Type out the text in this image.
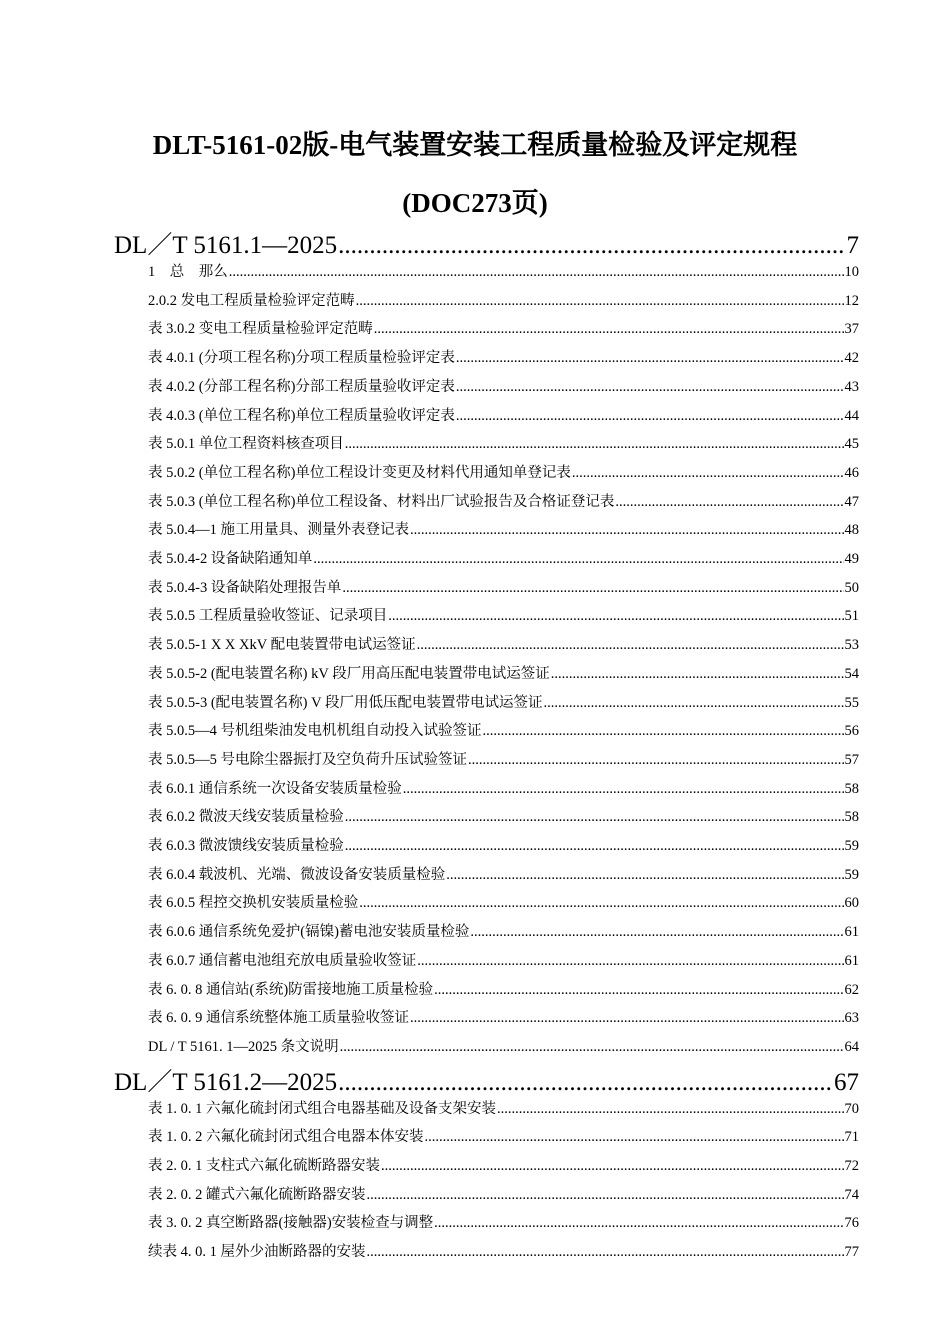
DLT-5161-02版-电气装置安装工程质量检验及评定规程
(DOC273页)
DL／T 5161.1—2025 .....	7
1　总　那么 .....	10
2.0.2 发电工程质量检验评定范畴 .....	12
表 3.0.2 变电工程质量检验评定范畴 .....	37
表 4.0.1 (分项工程名称)分项工程质量检验评定表 .....	42
表 4.0.2 (分部工程名称)分部工程质量验收评定表 .....	43
表 4.0.3 (单位工程名称)单位工程质量验收评定表 .....	44
表 5.0.1 单位工程资料核查项目 .....	45
表 5.0.2 (单位工程名称)单位工程设计变更及材料代用通知单登记表 .....	46
表 5.0.3 (单位工程名称)单位工程设备、材料出厂试验报告及合格证登记表 .....	47
表 5.0.4—1 施工用量具、测量外表登记表 .....	48
表 5.0.4-2 设备缺陷通知单 .....	49
表 5.0.4-3 设备缺陷处理报告单 .....	50
表 5.0.5 工程质量验收签证、记录项目 .....	51
表 5.0.5-1 X X XkV 配电装置带电试运签证 .....	53
表 5.0.5-2 (配电装置名称) kV 段厂用高压配电装置带电试运签证 .....	54
表 5.0.5-3 (配电装置名称) V 段厂用低压配电装置带电试运签证 .....	55
表 5.0.5—4 号机组柴油发电机机组自动投入试验签证 .....	56
表 5.0.5—5 号电除尘器振打及空负荷升压试验签证 .....	57
表 6.0.1 通信系统一次设备安装质量检验 .....	58
表 6.0.2 微波天线安装质量检验 .....	58
表 6.0.3 微波馈线安装质量检验 .....	59
表 6.0.4 载波机、光端、微波设备安装质量检验 .....	59
表 6.0.5 程控交换机安装质量检验 .....	60
表 6.0.6 通信系统免爱护(镉镍)蓄电池安装质量检验 .....	61
表 6.0.7 通信蓄电池组充放电质量验收签证 .....	61
表 6. 0. 8 通信站(系统)防雷接地施工质量检验 .....	62
表 6. 0. 9 通信系统整体施工质量验收签证 .....	63
DL / T 5161. 1—2025 条文说明 .....	64
DL／T 5161.2—2025 .....	67
表 1. 0. 1 六氟化硫封闭式组合电器基础及设备支架安装 .....	70
表 1. 0. 2 六氟化硫封闭式组合电器本体安装 .....	71
表 2. 0. 1 支柱式六氟化硫断路器安装 .....	72
表 2. 0. 2 罐式六氟化硫断路器安装 .....	74
表 3. 0. 2 真空断路器(接触器)安装检查与调整 .....	76
续表 4. 0. 1 屋外少油断路器的安装 .....	77
